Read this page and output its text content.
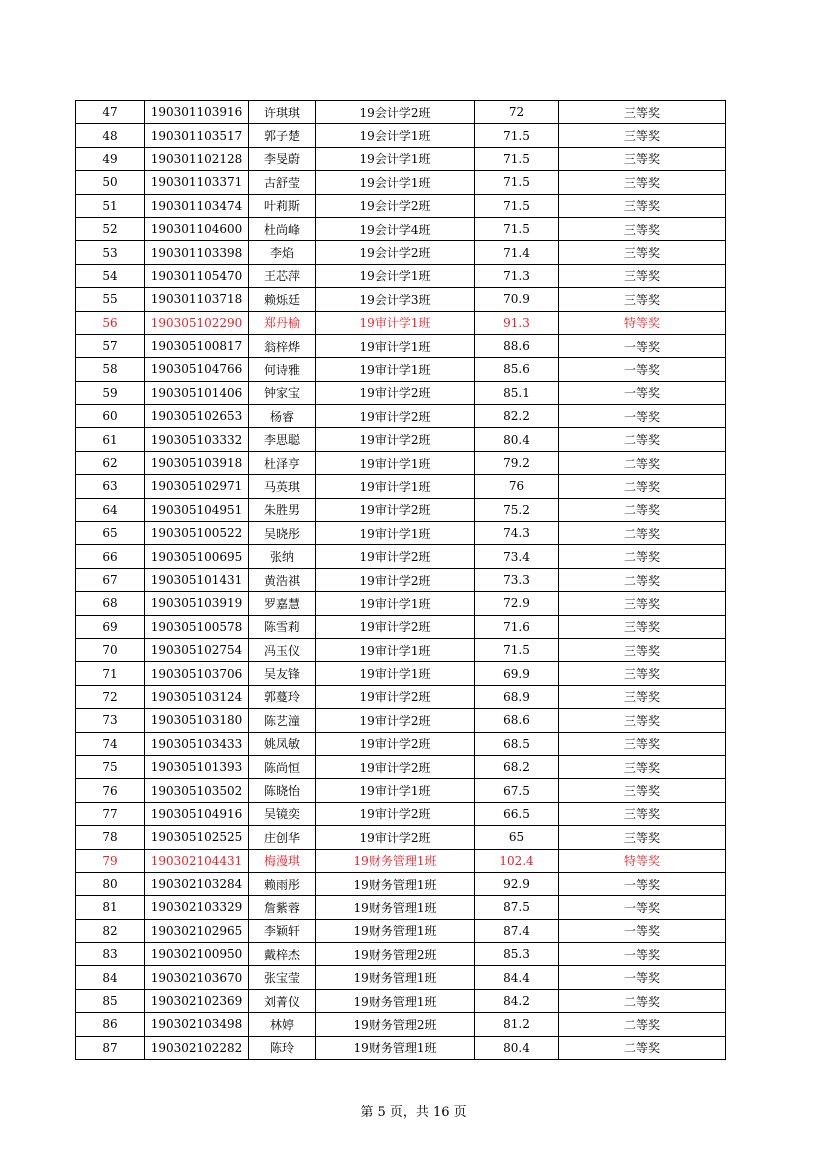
47	190301103916	许琪琪	19会计学2班	72	三等奖
48	190301103517	郭子楚	19会计学1班	71.5	三等奖
49	190301102128	李旻蔚	19会计学1班	71.5	三等奖
50	190301103371	古舒莹	19会计学1班	71.5	三等奖
51	190301103474	叶莉斯	19会计学2班	71.5	三等奖
52	190301104600	杜尚峰	19会计学4班	71.5	三等奖
53	190301103398	李焰	19会计学2班	71.4	三等奖
54	190301105470	王芯萍	19会计学1班	71.3	三等奖
55	190301103718	赖烁廷	19会计学3班	70.9	三等奖
56	190305102290	郑丹榆	19审计学1班	91.3	特等奖
57	190305100817	翁梓烨	19审计学1班	88.6	一等奖
58	190305104766	何诗雅	19审计学1班	85.6	一等奖
59	190305101406	钟家宝	19审计学2班	85.1	一等奖
60	190305102653	杨睿	19审计学2班	82.2	一等奖
61	190305103332	李思聪	19审计学2班	80.4	二等奖
62	190305103918	杜泽亨	19审计学1班	79.2	二等奖
63	190305102971	马英琪	19审计学1班	76	二等奖
64	190305104951	朱胜男	19审计学2班	75.2	二等奖
65	190305100522	吴晓彤	19审计学1班	74.3	二等奖
66	190305100695	张纳	19审计学2班	73.4	二等奖
67	190305101431	黄浩祺	19审计学2班	73.3	二等奖
68	190305103919	罗嘉慧	19审计学1班	72.9	三等奖
69	190305100578	陈雪莉	19审计学2班	71.6	三等奖
70	190305102754	冯玉仪	19审计学1班	71.5	三等奖
71	190305103706	吴友锋	19审计学1班	69.9	三等奖
72	190305103124	郭蔓玲	19审计学2班	68.9	三等奖
73	190305103180	陈艺潼	19审计学2班	68.6	三等奖
74	190305103433	姚凤敏	19审计学2班	68.5	三等奖
75	190305101393	陈尚恒	19审计学2班	68.2	三等奖
76	190305103502	陈晓怡	19审计学1班	67.5	三等奖
77	190305104916	吴镜奕	19审计学2班	66.5	三等奖
78	190305102525	庄创华	19审计学2班	65	三等奖
79	190302104431	梅漫琪	19财务管理1班	102.4	特等奖
80	190302103284	赖雨彤	19财务管理1班	92.9	一等奖
81	190302103329	詹紫蓉	19财务管理1班	87.5	一等奖
82	190302102965	李颖轩	19财务管理1班	87.4	一等奖
83	190302100950	戴梓杰	19财务管理2班	85.3	一等奖
84	190302103670	张宝莹	19财务管理1班	84.4	一等奖
85	190302102369	刘菁仪	19财务管理1班	84.2	二等奖
86	190302103498	林婷	19财务管理2班	81.2	二等奖
87	190302102282	陈玲	19财务管理1班	80.4	二等奖
第 5 页，共 16 页
